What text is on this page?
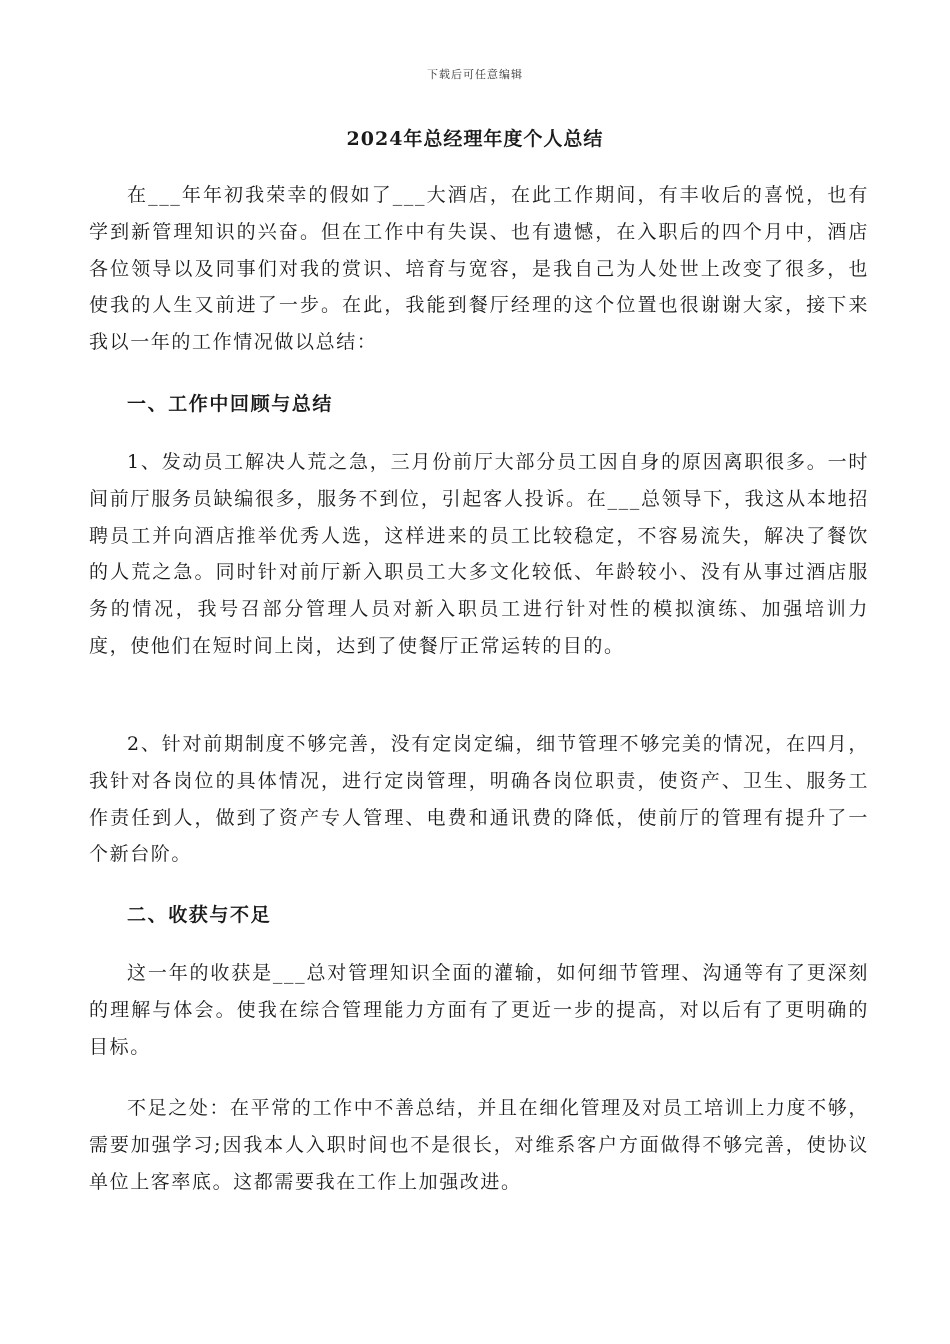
下载后可任意编辑
2024年总经理年度个人总结

在___年年初我荣幸的假如了___大酒店，在此工作期间，有丰收后的喜悦，也有学到新管理知识的兴奋。但在工作中有失误、也有遗憾，在入职后的四个月中，酒店各位领导以及同事们对我的赏识、培育与宽容，是我自己为人处世上改变了很多，也使我的人生又前进了一步。在此，我能到餐厅经理的这个位置也很谢谢大家，接下来我以一年的工作情况做以总结：

一、工作中回顾与总结

1、发动员工解决人荒之急，三月份前厅大部分员工因自身的原因离职很多。一时间前厅服务员缺编很多，服务不到位，引起客人投诉。在___总领导下，我这从本地招聘员工并向酒店推举优秀人选，这样进来的员工比较稳定，不容易流失，解决了餐饮的人荒之急。同时针对前厅新入职员工大多文化较低、年龄较小、没有从事过酒店服务的情况，我号召部分管理人员对新入职员工进行针对性的模拟演练、加强培训力度，使他们在短时间上岗，达到了使餐厅正常运转的目的。

2、针对前期制度不够完善，没有定岗定编，细节管理不够完美的情况，在四月，我针对各岗位的具体情况，进行定岗管理，明确各岗位职责，使资产、卫生、服务工作责任到人，做到了资产专人管理、电费和通讯费的降低，使前厅的管理有提升了一个新台阶。

二、收获与不足

这一年的收获是___总对管理知识全面的灌输，如何细节管理、沟通等有了更深刻的理解与体会。使我在综合管理能力方面有了更近一步的提高，对以后有了更明确的目标。

不足之处：在平常的工作中不善总结，并且在细化管理及对员工培训上力度不够，需要加强学习;因我本人入职时间也不是很长，对维系客户方面做得不够完善，使协议单位上客率底。这都需要我在工作上加强改进。
